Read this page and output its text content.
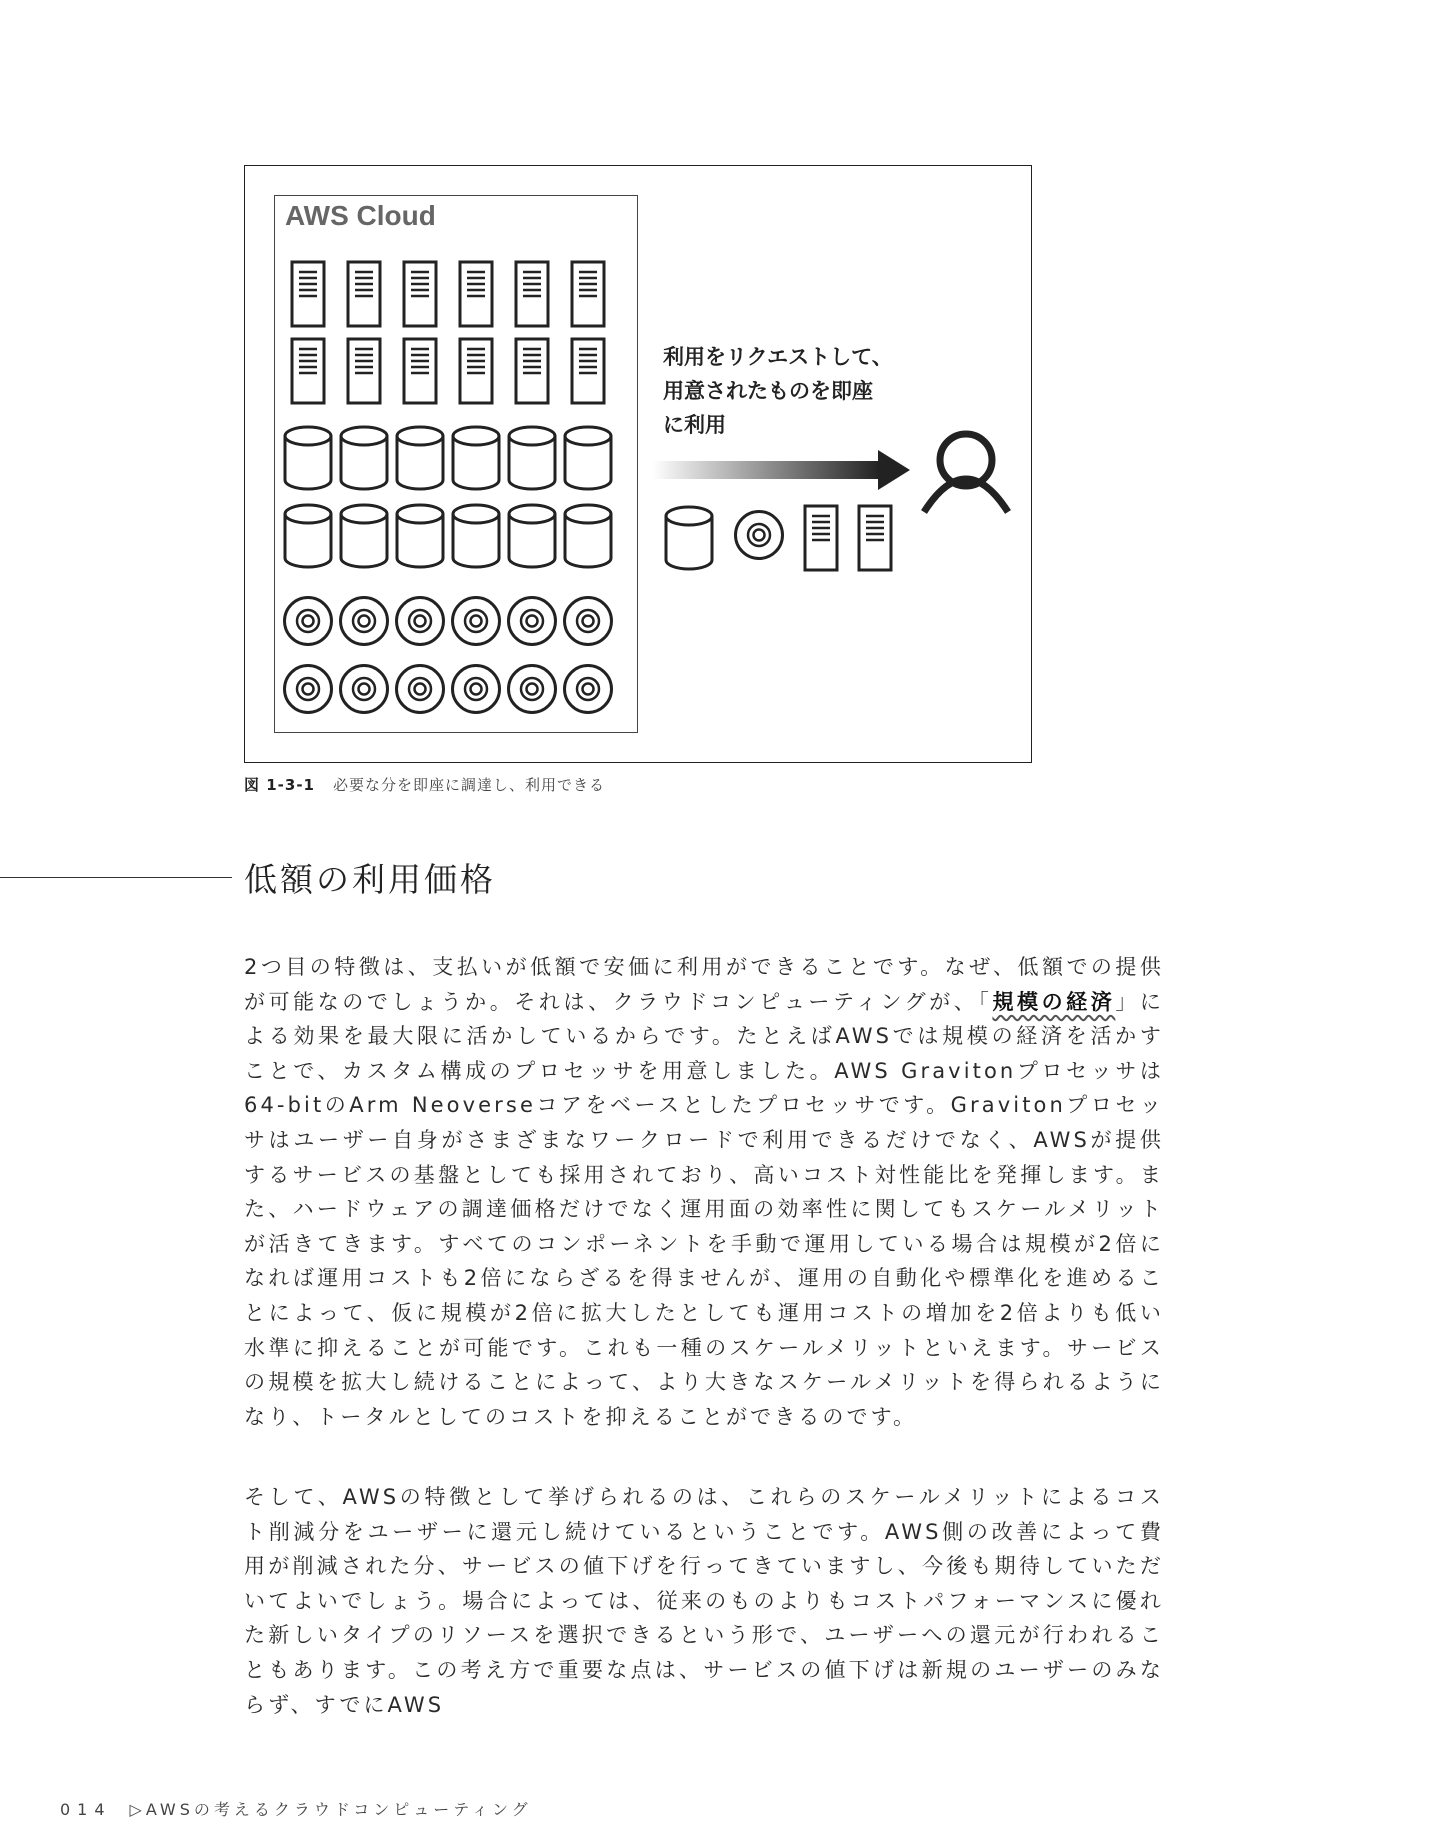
AWS Cloud
利用をリクエストして、
用意されたものを即座
に利用
図 1-3-1 必要な分を即座に調達し、利用できる
低額の利用価格

2つ目の特徴は、支払いが低額で安価に利用ができることです。なぜ、低額での提供が可能なのでしょうか。それは、クラウドコンピューティングが、「規模の経済」による効果を最大限に活かしているからです。たとえばAWSでは規模の経済を活かすことで、カスタム構成のプロセッサを用意しました。AWS Gravitonプロセッサは64-bitのArm Neoverseコアをベースとしたプロセッサです。Gravitonプロセッサはユーザー自身がさまざまなワークロードで利用できるだけでなく、AWSが提供するサービスの基盤としても採用されており、高いコスト対性能比を発揮します。また、ハードウェアの調達価格だけでなく運用面の効率性に関してもスケールメリットが活きてきます。すべてのコンポーネントを手動で運用している場合は規模が2倍になれば運用コストも2倍にならざるを得ませんが、運用の自動化や標準化を進めることによって、仮に規模が2倍に拡大したとしても運用コストの増加を2倍よりも低い水準に抑えることが可能です。これも一種のスケールメリットといえます。サービスの規模を拡大し続けることによって、より大きなスケールメリットを得られるようになり、トータルとしてのコストを抑えることができるのです。

そして、AWSの特徴として挙げられるのは、これらのスケールメリットによるコスト削減分をユーザーに還元し続けているということです。AWS側の改善によって費用が削減された分、サービスの値下げを行ってきていますし、今後も期待していただいてよいでしょう。場合によっては、従来のものよりもコストパフォーマンスに優れた新しいタイプのリソースを選択できるという形で、ユーザーへの還元が行われることもあります。この考え方で重要な点は、サービスの値下げは新規のユーザーのみならず、すでにAWS

014 ▷AWSの考えるクラウドコンピューティング
